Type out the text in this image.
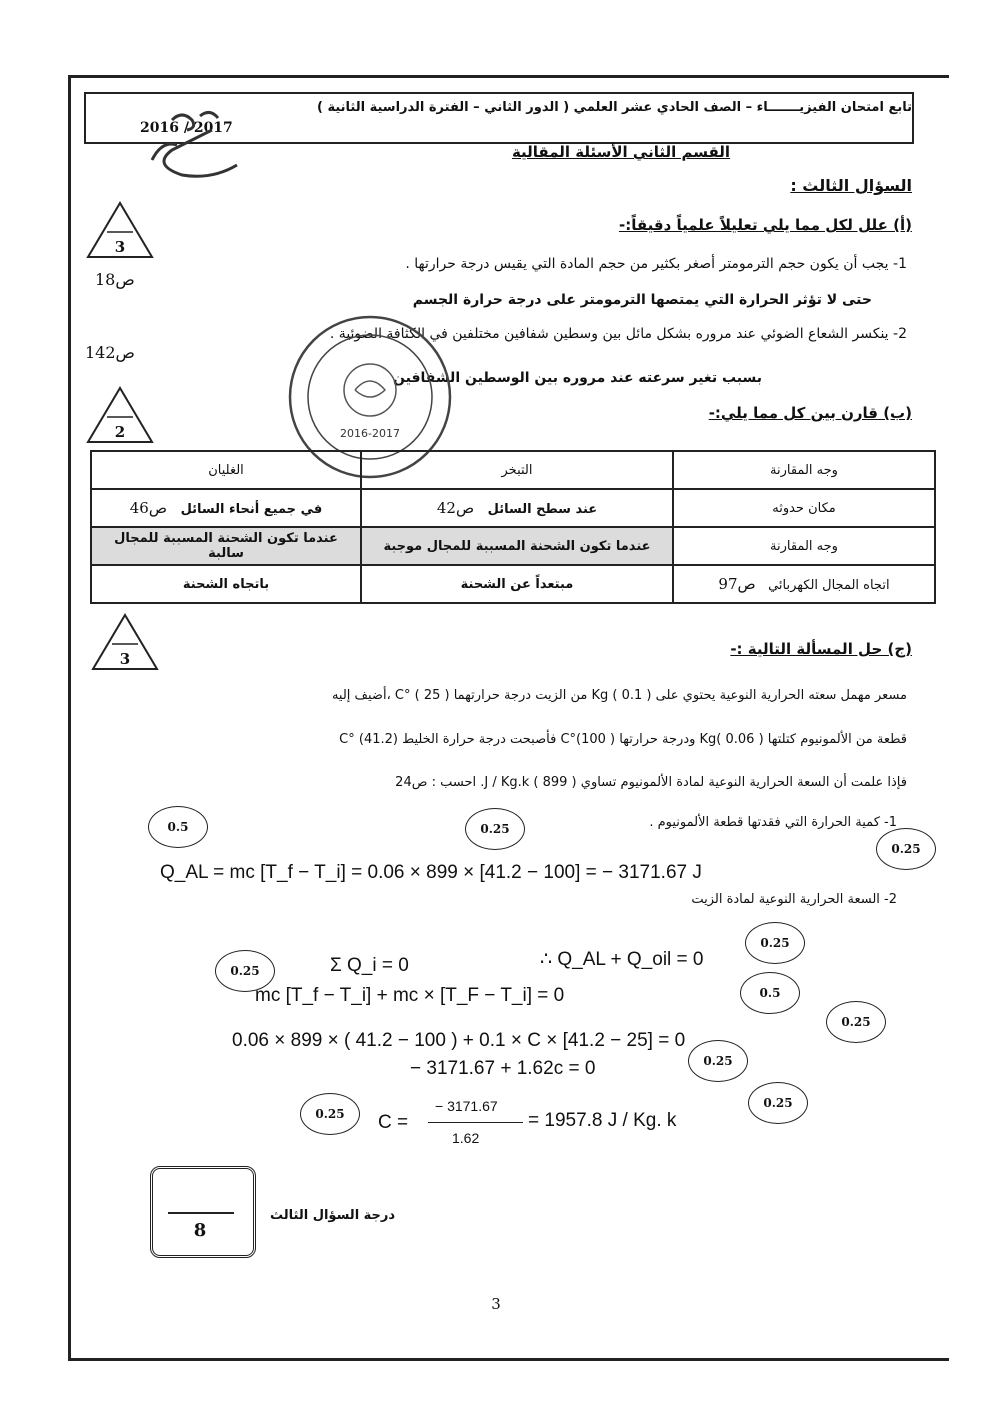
تابع امتحان الفيزيـــــــاء – الصف الحادي عشر العلمي ( الدور الثاني – الفترة الدراسية الثانية )
2016 / 2017
القسم الثاني الأسئلة المقالية
السؤال الثالث :
(أ) علل لكل مما يلي تعليلاً علمياً دقيقاً:-
3
1- يجب أن يكون حجم الترمومتر أصغر بكثير من حجم المادة التي يقيس درجة حرارتها .
ص18
حتى لا تؤثر الحرارة التي يمتصها الترمومتر على درجة حرارة الجسم
2- ينكسر الشعاع الضوئي عند مروره بشكل مائل بين وسطين شفافين مختلفين في الكثافة الضوئية .
ص142
بسبب تغير سرعته عند مروره بين الوسطين الشفافين
2016-2017
(ب) قارن بين كل مما يلي:-
2
وجه المقارنة	التبخر	الغليان
مكان حدوثه	عند سطح السائل   ص42	في جميع أنحاء السائل   ص46
وجه المقارنة	عندما تكون الشحنة المسببة للمجال موجبة	عندما تكون الشحنة المسببة للمجال سالبة
اتجاه المجال الكهربائي   ص97	مبتعداً عن الشحنة	باتجاه الشحنة
3
(ج) حل المسألة التالية :-
مسعر مهمل سعته الحرارية النوعية يحتوي على Kg ( 0.1 ) من الزيت درجة حرارتهما C° ( 25 ) ،أضيف إليه
قطعة من الألمونيوم كتلتها Kg( 0.06 ) ودرجة حرارتها C°(100 ) فأصبحت درجة حرارة الخليط C° (41.2)
فإذا علمت أن السعة الحرارية النوعية لمادة الألمونيوم تساوي J / Kg.k ( 899 ). احسب : ص24
1- كمية الحرارة التي فقدتها قطعة الألمونيوم .
Q_AL = mc [T_f − T_i] = 0.06 × 899 × [41.2 − 100] = − 3171.67 J
0.5	0.25
0.25
2- السعة الحرارية النوعية لمادة الزيت
Σ Q_i = 0	∴ Q_AL + Q_oil = 0
0.25
0.25
mc [T_f − T_i] + mc × [T_F − T_i] = 0	0.5
0.06 × 899 × ( 41.2 − 100 ) + 0.1 × C × [41.2 − 25] = 0
0.25
− 3171.67 + 1.62c = 0	0.25
0.25	C =
− 3171.67
1.62
= 1957.8 J / Kg. k
0.25
8
درجة السؤال الثالث
3
